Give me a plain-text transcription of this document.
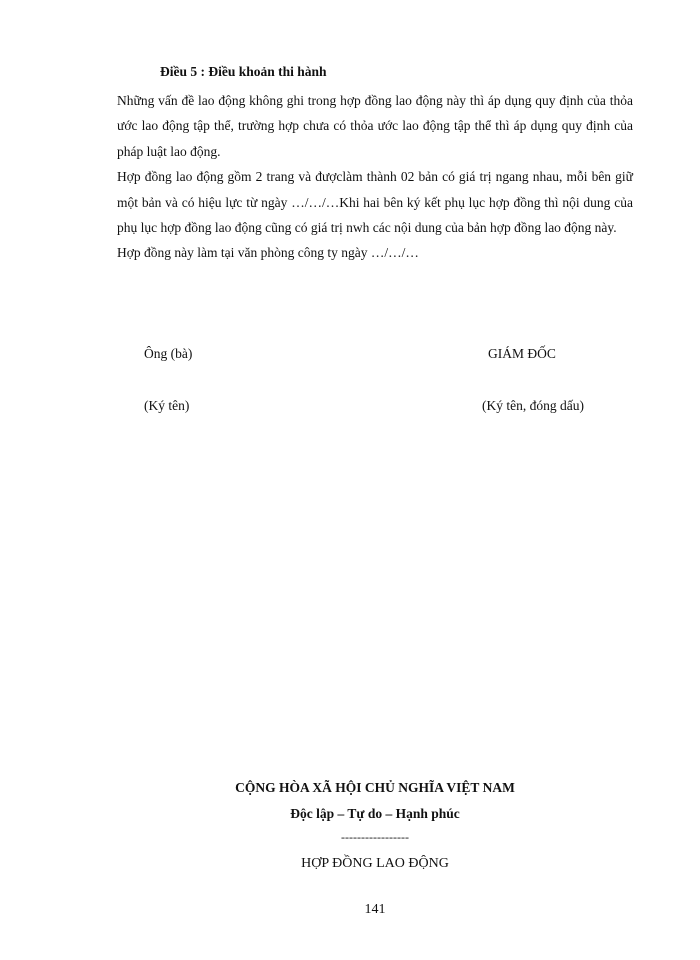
Điều 5 : Điều khoản thi hành

Những vấn đề lao động không ghi trong hợp đồng lao động này thì áp dụng quy định của thỏa ước lao động tập thể, trường hợp chưa có thỏa ước lao động tập thể thì áp dụng quy định của pháp luật lao động.

Hợp đồng lao động gồm 2 trang và đượclàm thành 02 bản có giá trị ngang nhau, mỗi bên giữ một bản và có hiệu lực từ ngày …/…/…Khi hai bên ký kết phụ lục hợp đồng thì nội dung của phụ lục hợp đồng lao động cũng có giá trị nwh các nội dung của bản hợp đồng lao động này.

Hợp đồng này làm tại văn phòng công ty ngày …/…/…

Ông (bà)	GIÁM ĐỐC
(Ký tên)	(Ký tên, đóng dấu)
CỘNG HÒA XÃ HỘI CHỦ NGHĨA VIỆT NAM
Độc lập – Tự do – Hạnh phúc
-----------------
HỢP ĐỒNG LAO ĐỘNG
141
